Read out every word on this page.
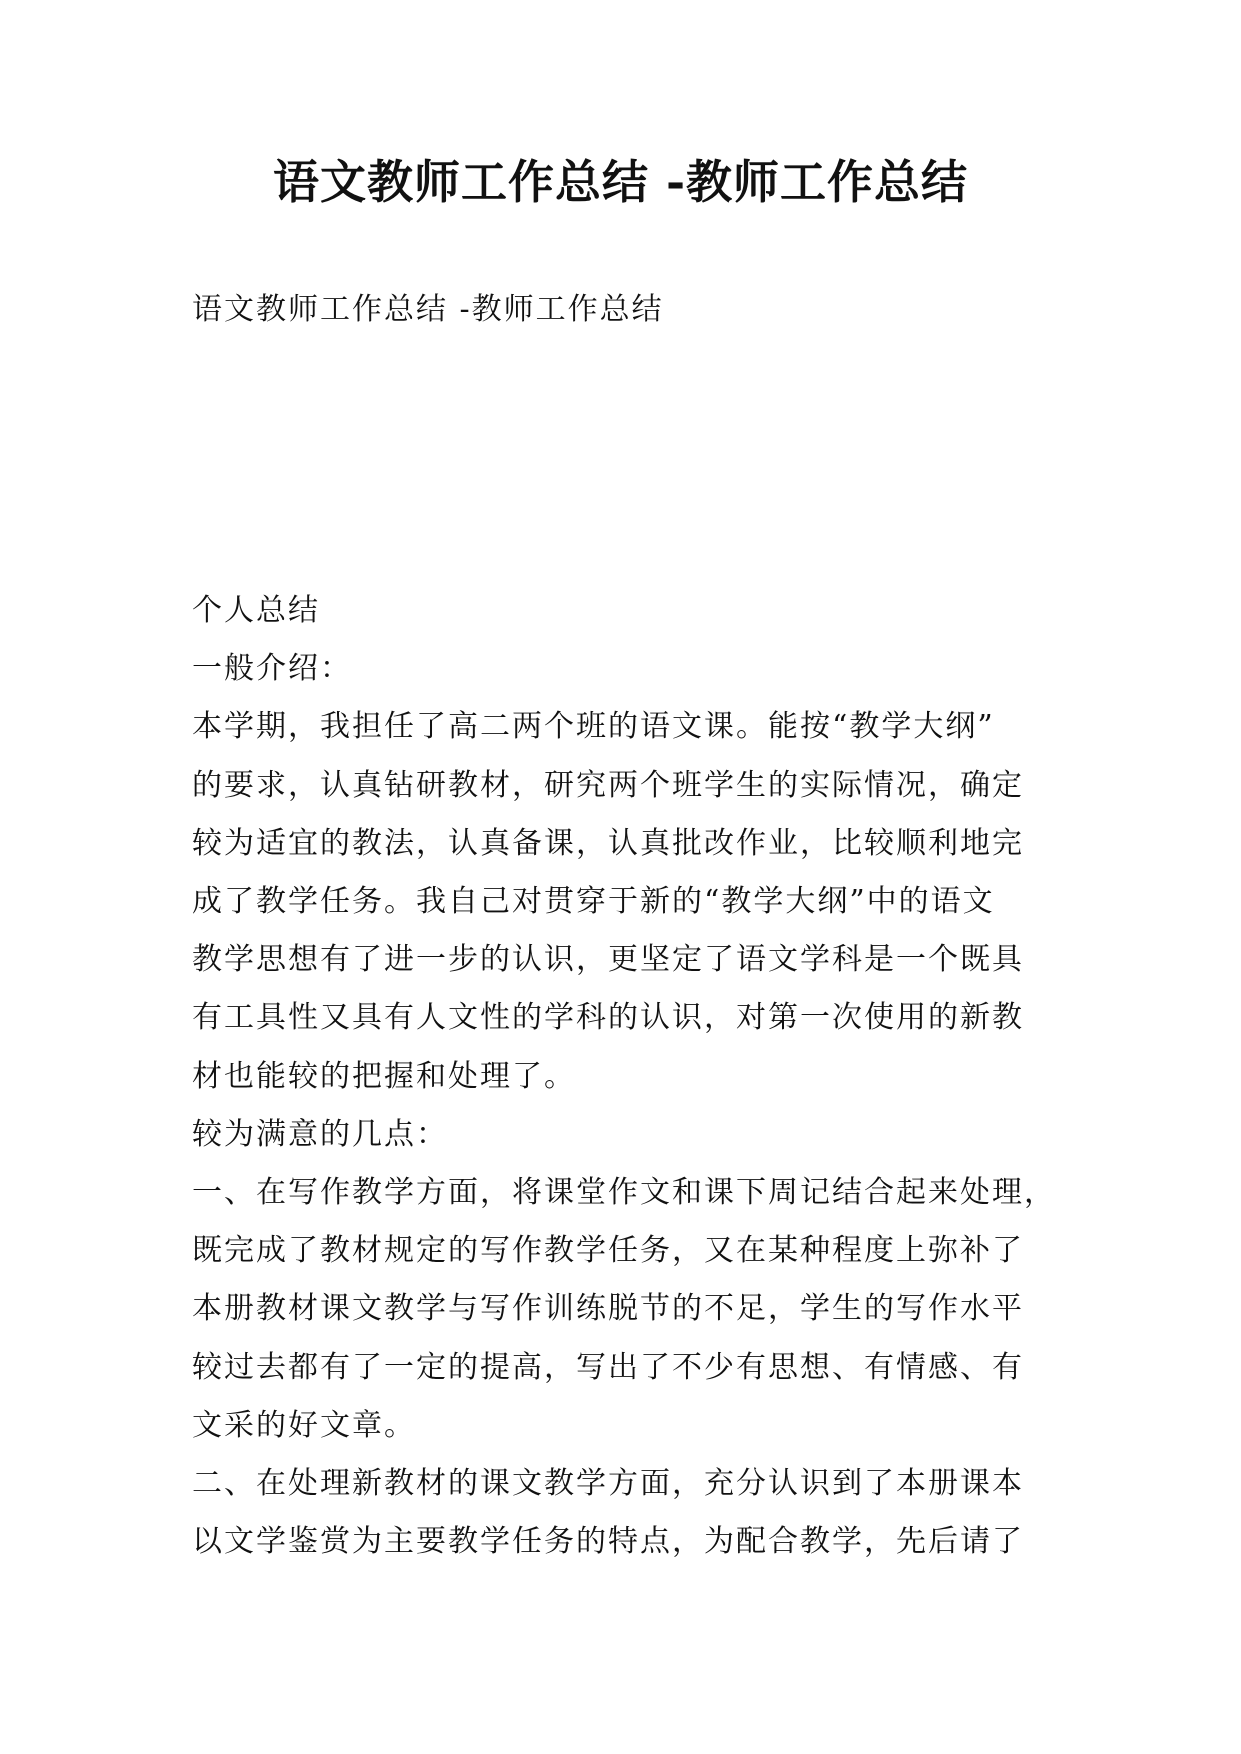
语文教师工作总结 -教师工作总结

语文教师工作总结 -教师工作总结

个人总结

一般介绍：

本学期，我担任了高二两个班的语文课。能按“教学大纲”

的要求，认真钻研教材，研究两个班学生的实际情况，确定

较为适宜的教法，认真备课，认真批改作业，比较顺利地完

成了教学任务。我自己对贯穿于新的“教学大纲”中的语文

教学思想有了进一步的认识，更坚定了语文学科是一个既具

有工具性又具有人文性的学科的认识，对第一次使用的新教

材也能较的把握和处理了。

较为满意的几点：

一、在写作教学方面，将课堂作文和课下周记结合起来处理，

既完成了教材规定的写作教学任务，又在某种程度上弥补了

本册教材课文教学与写作训练脱节的不足，学生的写作水平

较过去都有了一定的提高，写出了不少有思想、有情感、有

文采的好文章。

二、在处理新教材的课文教学方面，充分认识到了本册课本

以文学鉴赏为主要教学任务的特点，为配合教学，先后请了
